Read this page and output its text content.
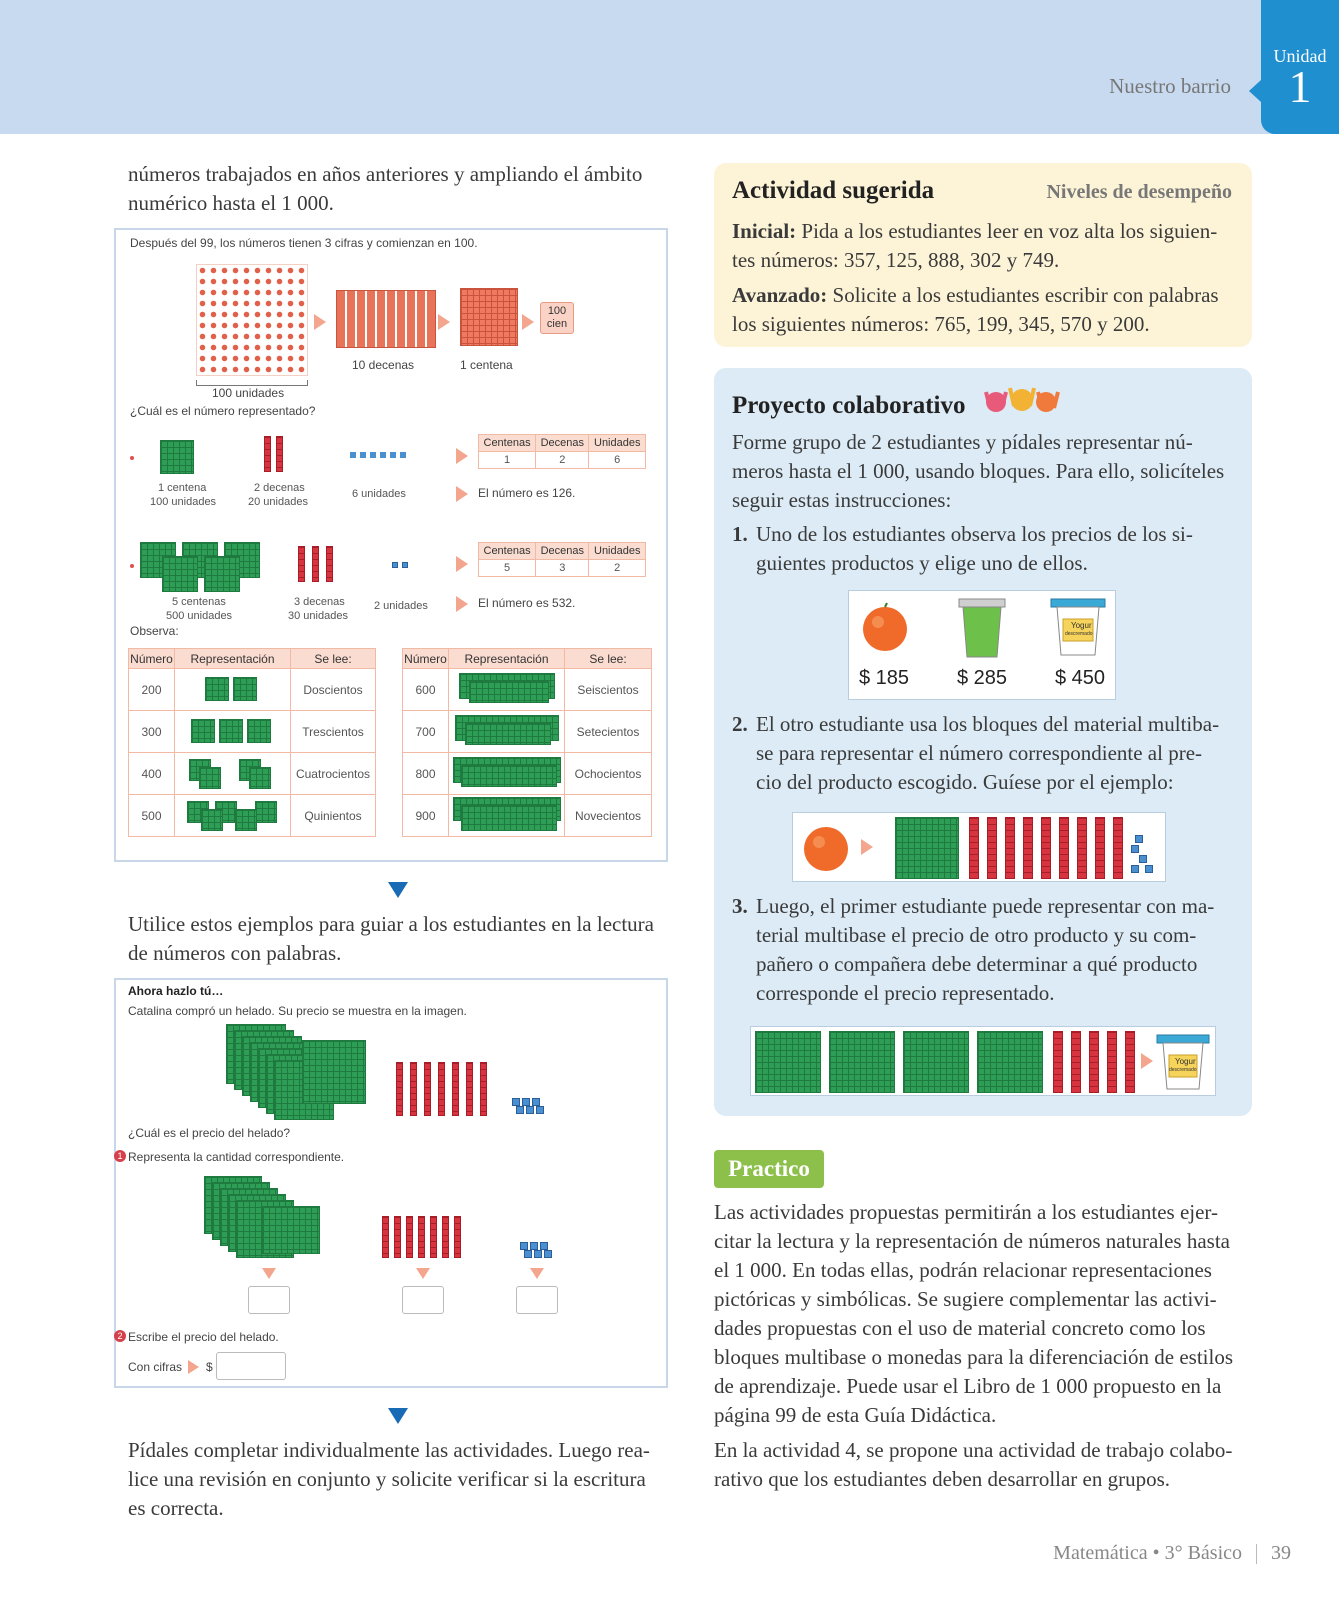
Nuestro barrio
Unidad
1
números trabajados en años anteriores y ampliando el ámbito
numérico hasta el 1 000.
Después del 99, los números tienen 3 cifras y comienzan en 100.
100 unidades
10 decenas	1 centena
100
cien
¿Cuál es el número representado?
1 centena
100 unidades
2 decenas
20 unidades
6 unidades
Centenas	Decenas	Unidades
1	2	6
El número es 126.
5 centenas
500 unidades
3 decenas
30 unidades
2 unidades
Centenas	Decenas	Unidades
5	3	2
El número es 532.
Observa:
Número	Representación	Se lee:
200		Doscientos
300		Trescientos
400		Cuatrocientos
500		Quinientos
Número	Representación	Se lee:
600		Seiscientos
700		Setecientos
800		Ochocientos
900		Novecientos
Utilice estos ejemplos para guiar a los estudiantes en la lectura
de números con palabras.
Ahora hazlo tú…
Catalina compró un helado. Su precio se muestra en la imagen.
¿Cuál es el precio del helado?
1 Representa la cantidad correspondiente.
2 Escribe el precio del helado.
Con cifras $
Pídales completar individualmente las actividades. Luego rea-
lice una revisión en conjunto y solicite verificar si la escritura
es correcta.
Actividad sugerida	Niveles de desempeño
Inicial: Pida a los estudiantes leer en voz alta los siguien-
tes números: 357, 125, 888, 302 y 749.
Avanzado: Solicite a los estudiantes escribir con palabras
los siguientes números: 765, 199, 345, 570 y 200.
Proyecto colaborativo
Forme grupo de 2 estudiantes y pídales representar nú-
meros hasta el 1 000, usando bloques. Para ello, solicíteles
seguir estas instrucciones:
1. Uno de los estudiantes observa los precios de los si-
guientes productos y elige uno de ellos.
Yogur
descremado
$ 185 $ 285 $ 450
2. El otro estudiante usa los bloques del material multiba-
se para representar el número correspondiente al pre-
cio del producto escogido. Guíese por el ejemplo:
3. Luego, el primer estudiante puede representar con ma-
terial multibase el precio de otro producto y su com-
pañero o compañera debe determinar a qué producto
corresponde el precio representado.
Yogur
descremado
Practico
Las actividades propuestas permitirán a los estudiantes ejer-
citar la lectura y la representación de números naturales hasta
el 1 000. En todas ellas, podrán relacionar representaciones
pictóricas y simbólicas. Se sugiere complementar las activi-
dades propuestas con el uso de material concreto como los
bloques multibase o monedas para la diferenciación de estilos
de aprendizaje. Puede usar el Libro de 1 000 propuesto en la
página 99 de esta Guía Didáctica.
En la actividad 4, se propone una actividad de trabajo colabo-
rativo que los estudiantes deben desarrollar en grupos.
Matemática • 3° Básico 39
